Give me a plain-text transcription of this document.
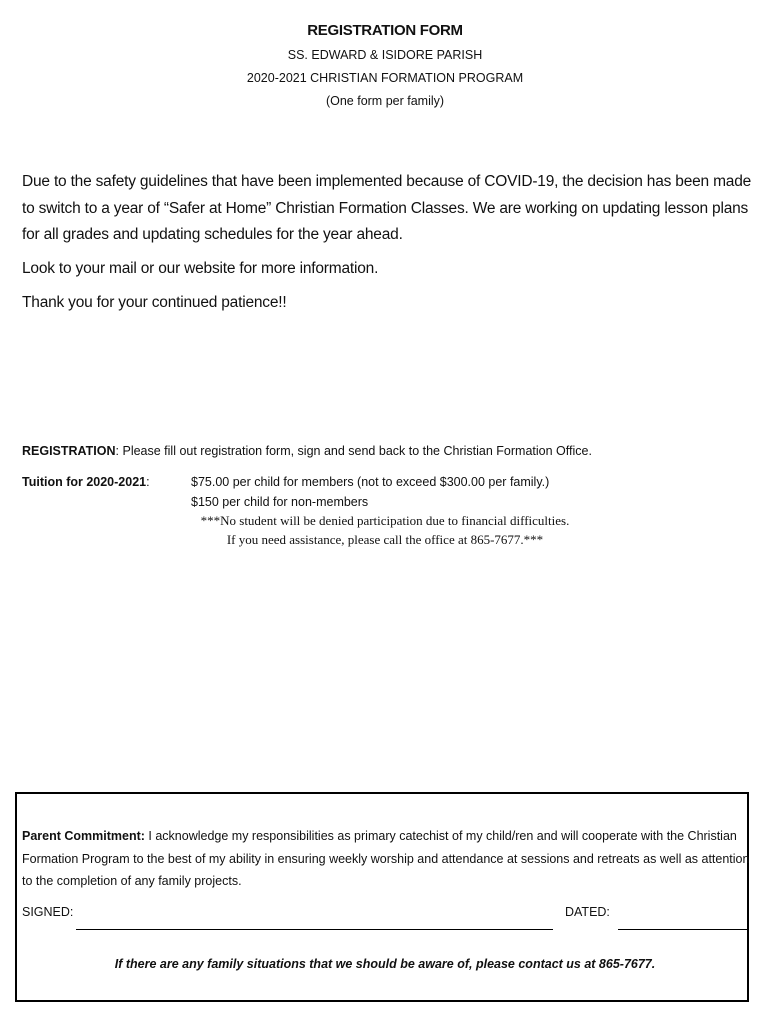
REGISTRATION FORM
SS. EDWARD & ISIDORE PARISH
2020-2021 CHRISTIAN FORMATION PROGRAM
(One form per family)
Due to the safety guidelines that have been implemented because of COVID-19, the decision has been made to switch to a year of “Safer at Home” Christian Formation Classes. We are working on updating lesson plans for all grades and updating schedules for the year ahead.
Look to your mail or our website for more information.
Thank you for your continued patience!!
REGISTRATION: Please fill out registration form, sign and send back to the Christian Formation Office.
Tuition for 2020-2021:	$75.00 per child for members (not to exceed $300.00 per family.)
$150 per child for non-members
***No student will be denied participation due to financial difficulties.
If you need assistance, please call the office at 865-7677.***
Parent Commitment: I acknowledge my responsibilities as primary catechist of my child/ren and will cooperate with the Christian Formation Program to the best of my ability in ensuring weekly worship and attendance at sessions and retreats as well as attention to the completion of any family projects.
SIGNED:	DATED:
If there are any family situations that we should be aware of, please contact us at 865-7677.
